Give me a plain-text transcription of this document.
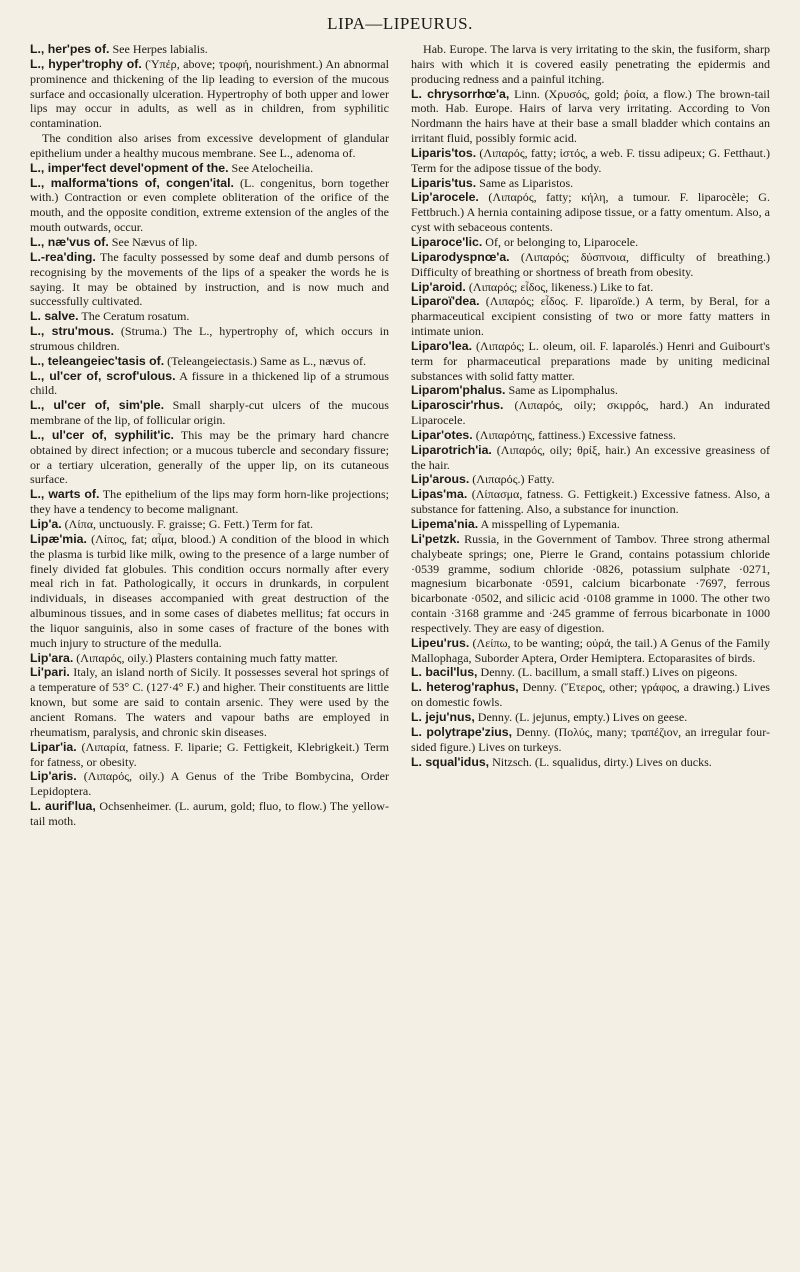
LIPA—LIPEURUS.

L., her'pes of. See Herpes labialis.

L., hyper'trophy of. (Ὑπέρ, above; τροφή, nourishment.) An abnormal prominence and thickening of the lip leading to eversion of the mucous surface and occasionally ulceration. Hypertrophy of both upper and lower lips may occur in adults, as well as in children, from syphilitic contamination.

The condition also arises from excessive development of glandular epithelium under a healthy mucous membrane. See L., adenoma of.

L., imper'fect devel'opment of the. See Atelocheilia.

L., malforma'tions of, congen'ital. (L. congenitus, born together with.) Contraction or even complete obliteration of the orifice of the mouth, and the opposite condition, extreme extension of the angles of the mouth outwards, occur.

L., næ'vus of. See Nævus of lip.

L.-rea'ding. The faculty possessed by some deaf and dumb persons of recognising by the movements of the lips of a speaker the words he is saying. It may be obtained by instruction, and is now much and successfully cultivated.

L. salve. The Ceratum rosatum.

L., stru'mous. (Struma.) The L., hypertrophy of, which occurs in strumous children.

L., teleangeiec'tasis of. (Teleangeiectasis.) Same as L., nævus of.

L., ul'cer of, scrof'ulous. A fissure in a thickened lip of a strumous child.

L., ul'cer of, sim'ple. Small sharply-cut ulcers of the mucous membrane of the lip, of follicular origin.

L., ul'cer of, syphilit'ic. This may be the primary hard chancre obtained by direct infection; or a mucous tubercle and secondary fissure; or a tertiary ulceration, generally of the upper lip, on its cutaneous surface.

L., warts of. The epithelium of the lips may form horn-like projections; they have a tendency to become malignant.

Lip'a. (Λίπα, unctuously. F. graisse; G. Fett.) Term for fat.

Lipæ'mia. (Λίπος, fat; αἷμα, blood.) A condition of the blood in which the plasma is turbid like milk, owing to the presence of a large number of finely divided fat globules. This condition occurs normally after every meal rich in fat. Pathologically, it occurs in drunkards, in corpulent individuals, in diseases accompanied with great destruction of the albuminous tissues, and in some cases of diabetes mellitus; fat occurs in the liquor sanguinis, also in some cases of fracture of the bones with much injury to structure of the medulla.

Lip'ara. (Λιπαρός, oily.) Plasters containing much fatty matter.

Li'pari. Italy, an island north of Sicily. It possesses several hot springs of a temperature of 53° C. (127·4° F.) and higher. Their constituents are little known, but some are said to contain arsenic. They were used by the ancient Romans. The waters and vapour baths are employed in rheumatism, paralysis, and chronic skin diseases.

Lipar'ia. (Λιπαρία, fatness. F. liparie; G. Fettigkeit, Klebrigkeit.) Term for fatness, or obesity.

Lip'aris. (Λιπαρός, oily.) A Genus of the Tribe Bombycina, Order Lepidoptera.

L. aurif'lua, Ochsenheimer. (L. aurum, gold; fluo, to flow.) The yellow-tail moth.

Hab. Europe. The larva is very irritating to the skin, the fusiform, sharp hairs with which it is covered easily penetrating the epidermis and producing redness and a painful itching.

L. chrysorrhœ'a, Linn. (Χρυσός, gold; ῥοία, a flow.) The brown-tail moth. Hab. Europe. Hairs of larva very irritating. According to Von Nordmann the hairs have at their base a small bladder which contains an irritant fluid, possibly formic acid.

Liparis'tos. (Λιπαρός, fatty; ἱστός, a web. F. tissu adipeux; G. Fetthaut.) Term for the adipose tissue of the body.

Liparis'tus. Same as Liparistos.

Lip'arocele. (Λιπαρός, fatty; κήλη, a tumour. F. liparocèle; G. Fettbruch.) A hernia containing adipose tissue, or a fatty omentum. Also, a cyst with sebaceous contents.

Liparoce'lic. Of, or belonging to, Liparocele.

Liparodyspnœ'a. (Λιπαρός; δύσπνοια, difficulty of breathing.) Difficulty of breathing or shortness of breath from obesity.

Lip'aroid. (Λιπαρός; εἶδος, likeness.) Like to fat.

Liparoï'dea. (Λιπαρός; εἶδος. F. liparoïde.) A term, by Beral, for a pharmaceutical excipient consisting of two or more fatty matters in intimate union.

Liparo'lea. (Λιπαρός; L. oleum, oil. F. laparolés.) Henri and Guibourt's term for pharmaceutical preparations made by uniting medicinal substances with solid fatty matter.

Liparom'phalus. Same as Lipomphalus.

Liparoscir'rhus. (Λιπαρός, oily; σκιρρός, hard.) An indurated Liparocele.

Lipar'otes. (Λιπαρότης, fattiness.) Excessive fatness.

Liparotrich'ia. (Λιπαρός, oily; θρίξ, hair.) An excessive greasiness of the hair.

Lip'arous. (Λιπαρός.) Fatty.

Lipas'ma. (Λίπασμα, fatness. G. Fettigkeit.) Excessive fatness. Also, a substance for fattening. Also, a substance for inunction.

Lipema'nia. A misspelling of Lypemania.

Li'petzk. Russia, in the Government of Tambov. Three strong athermal chalybeate springs; one, Pierre le Grand, contains potassium chloride ·0539 gramme, sodium chloride ·0826, potassium sulphate ·0271, magnesium bicarbonate ·0591, calcium bicarbonate ·7697, ferrous bicarbonate ·0502, and silicic acid ·0108 gramme in 1000. The other two contain ·3168 gramme and ·245 gramme of ferrous bicarbonate in 1000 respectively. They are easy of digestion.

Lipeu'rus. (Λείπω, to be wanting; οὐρά, the tail.) A Genus of the Family Mallophaga, Suborder Aptera, Order Hemiptera. Ectoparasites of birds.

L. bacil'lus, Denny. (L. bacillum, a small staff.) Lives on pigeons.

L. heterog'raphus, Denny. (Ἕτερος, other; γράφος, a drawing.) Lives on domestic fowls.

L. jeju'nus, Denny. (L. jejunus, empty.) Lives on geese.

L. polytrape'zius, Denny. (Πολύς, many; τραπέζιον, an irregular four-sided figure.) Lives on turkeys.

L. squal'idus, Nitzsch. (L. squalidus, dirty.) Lives on ducks.
